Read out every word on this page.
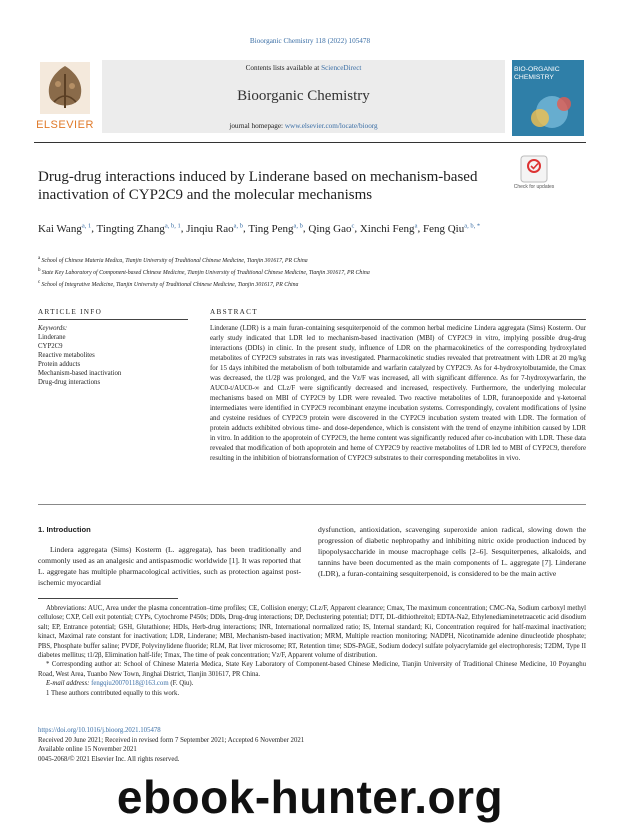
Bioorganic Chemistry 118 (2022) 105478
Contents lists available at ScienceDirect
Bioorganic Chemistry
journal homepage: www.elsevier.com/locate/bioorg
ELSEVIER
BIO-ORGANIC CHEMISTRY
Check for updates
Drug-drug interactions induced by Linderane based on mechanism-based inactivation of CYP2C9 and the molecular mechanisms
Kai Wang$^{a, 1}$, Tingting Zhang$^{a, b, 1}$, Jinqiu Rao$^{a, b}$, Ting Peng$^{a, b}$, Qing Gao$^c$, Xinchi Feng$^a$, Feng Qiu$^{a, b, *}$
a School of Chinese Materia Medica, Tianjin University of Traditional Chinese Medicine, Tianjin 301617, PR China
b State Key Laboratory of Component-based Chinese Medicine, Tianjin University of Traditional Chinese Medicine, Tianjin 301617, PR China
c School of Integrative Medicine, Tianjin University of Traditional Chinese Medicine, Tianjin 301617, PR China
ARTICLE INFO	ABSTRACT
Keywords:
Linderane
CYP2C9
Reactive metabolites
Protein adducts
Mechanism-based inactivation
Drug-drug interactions
Linderane (LDR) is a main furan-containing sesquiterpenoid of the common herbal medicine Lindera aggregata (Sims) Kosterm. Our early study indicated that LDR led to mechanism-based inactivation (MBI) of CYP2C9 in vitro, implying possible drug-drug interactions (DDIs) in clinic. In the present study, influence of LDR on the pharmacokinetics of the corresponding hydroxylated metabolites of CYP2C9 substrates in rats was investigated. Pharmacokinetic studies revealed that pretreatment with LDR at 20 mg/kg for 15 days inhibited the metabolism of both tolbutamide and warfarin catalyzed by CYP2C9. As for 4-hydroxytolbutamide, the Cmax was decreased, the t1/2β was prolonged, and the Vz/F was increased, all with significant difference. As for 7-hydroxywarfarin, the AUC0-t/AUC0-∞ and CLz/F were significantly decreased and increased, respectively. Furthermore, the underlying molecular mechanisms based on MBI of CYP2C9 by LDR were revealed. Two reactive metabolites of LDR, furanoepoxide and γ-ketoenal intermediates were identified in CYP2C9 recombinant enzyme incubation systems. Correspondingly, covalent modifications of lysine and cysteine residues of CYP2C9 protein were discovered in the CYP2C9 incubation system treated with LDR. The formation of protein adducts exhibited obvious time- and dose-dependence, which is consistent with the trend of enzyme inhibition caused by LDR in vitro. In addition to the apoprotein of CYP2C9, the heme content was significantly reduced after co-incubation with LDR. These data revealed that modification of both apoprotein and heme of CYP2C9 by reactive metabolites of LDR led to MBI of CYP2C9, therefore resulting in the inhibition of biotransformation of CYP2C9 substrates to their corresponding metabolites in vivo.
1. Introduction
Lindera aggregata (Sims) Kosterm (L. aggregata), has been traditionally and commonly used as an analgesic and antispasmodic worldwide [1]. It was reported that L. aggregate has multiple pharmacological activities, such as protection against post-ischemic myocardial
dysfunction, antioxidation, scavenging superoxide anion radical, slowing down the progression of diabetic nephropathy and inhibiting nitric oxide production induced by lipopolysaccharide in mouse macrophage cells [2–6]. Sesquiterpenes, alkaloids, and tannins have been documented as the main components of L. aggregate [7]. Linderane (LDR), a furan-containing sesquiterpenoid, is considered to be the main active

Abbreviations: AUC, Area under the plasma concentration–time profiles; CE, Collision energy; CLz/F, Apparent clearance; Cmax, The maximum concentration; CMC-Na, Sodium carboxyl methyl cellulose; CXP, Cell exit potential; CYPs, Cytochrome P450s; DDIs, Drug-drug interactions; DP, Declustering potential; DTT, DL-dithiothreitol; EDTA-Na2, Ethylenediaminetetraacetic acid disodium salt; EP, Entrance potential; GSH, Glutathione; HDIs, Herb-drug interactions; INR, International normalized ratio; IS, Internal standard; Ki, Concentration required for half-maximal inactivation; kinact, Maximal rate constant for inactivation; LDR, Linderane; MBI, Mechanism-based inactivation; MRM, Multiple reaction monitoring; NADPH, Nicotinamide adenine dinucleotide phosphate; PBS, Phosphate buffer saline; PVDF, Polyvinylidene fluoride; RLM, Rat liver microsome; RT, Retention time; SDS-PAGE, Sodium dodecyl sulfate polyacrylamide gel electrophoresis; T2DM, Type II diabetes mellitus; t1/2β, Elimination half-life; Tmax, The time of peak concentration; Vz/F, Apparent volume of distribution.

* Corresponding author at: School of Chinese Materia Medica, State Key Laboratory of Component-based Chinese Medicine, Tianjin University of Traditional Chinese Medicine, 10 Poyanghu Road, West Area, Tuanbo New Town, Jinghai District, Tianjin 301617, PR China.

E-mail address: fengqiu20070118@163.com (F. Qiu).

1 These authors contributed equally to this work.

https://doi.org/10.1016/j.bioorg.2021.105478
Received 20 June 2021; Received in revised form 7 September 2021; Accepted 6 November 2021
Available online 15 November 2021
0045-2068/© 2021 Elsevier Inc. All rights reserved.
ebook-hunter.org
